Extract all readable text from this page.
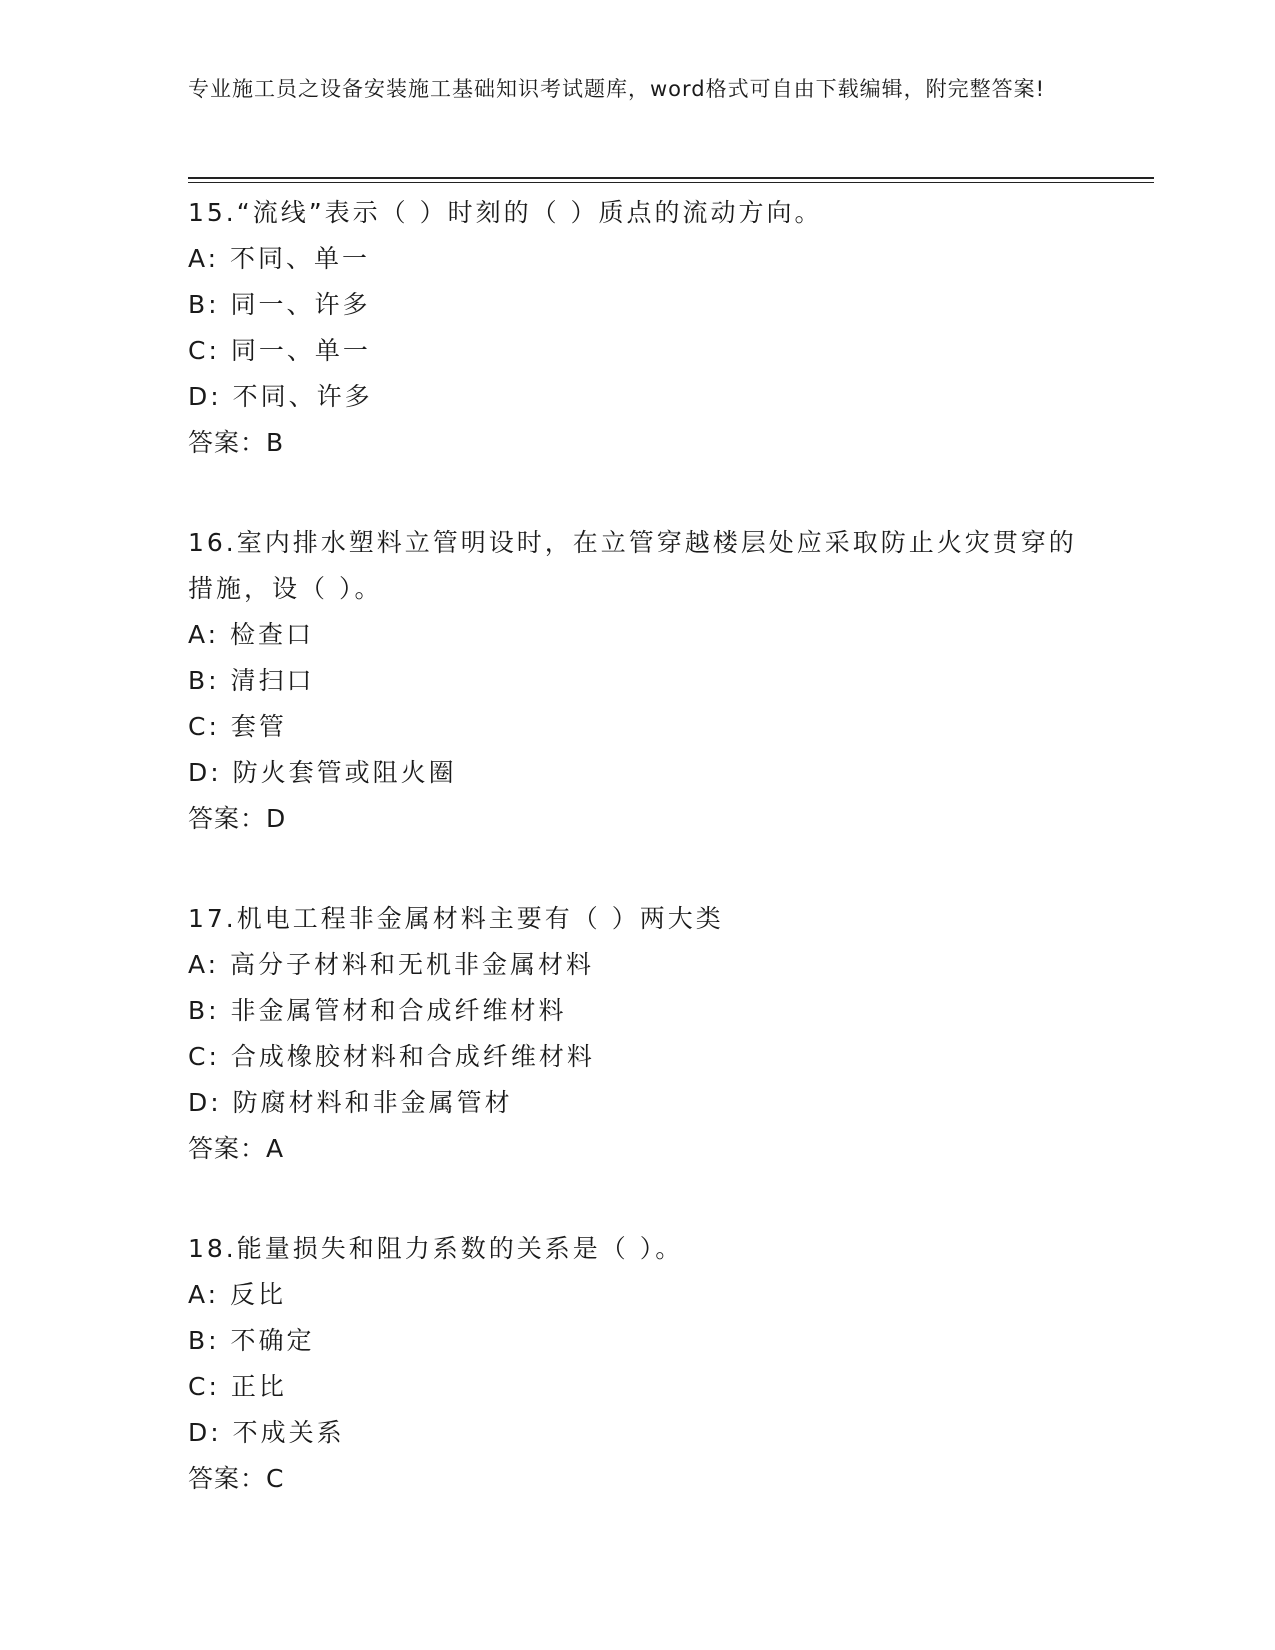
专业施工员之设备安装施工基础知识考试题库，word格式可自由下载编辑，附完整答案!

15.“流线”表示（ ）时刻的（ ）质点的流动方向。

A: 不同、单一

B: 同一、许多

C: 同一、单一

D: 不同、许多

答案：B

16.室内排水塑料立管明设时，在立管穿越楼层处应采取防止火灾贯穿的措施，设（ ）。

A: 检查口

B: 清扫口

C: 套管

D: 防火套管或阻火圈

答案：D

17.机电工程非金属材料主要有（ ）两大类

A: 高分子材料和无机非金属材料

B: 非金属管材和合成纤维材料

C: 合成橡胶材料和合成纤维材料

D: 防腐材料和非金属管材

答案：A

18.能量损失和阻力系数的关系是（ ）。

A: 反比

B: 不确定

C: 正比

D: 不成关系

答案：C
